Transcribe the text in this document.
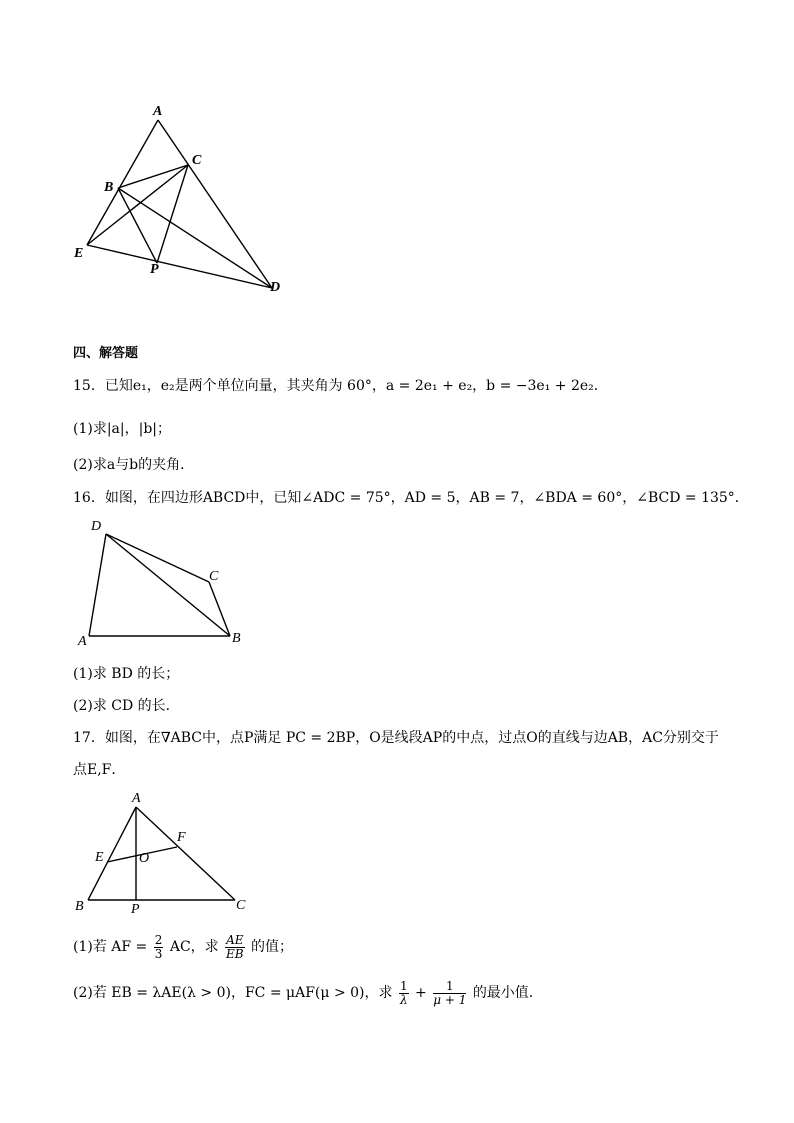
A
B
C
E
P
D
四、解答题
15．已知e₁，e₂是两个单位向量，其夹角为 60°，a = 2e₁ + e₂，b = −3e₁ + 2e₂．
(1)求|a|，|b|；
(2)求a与b的夹角．
16．如图，在四边形ABCD中，已知∠ADC = 75°，AD = 5，AB = 7，∠BDA = 60°，∠BCD = 135°．
D
C
A	B
(1)求 BD 的长；
(2)求 CD 的长．
17．如图，在∇ABC中，点P满足 PC = 2BP，O是线段AP的中点，过点O的直线与边AB，AC分别交于
点E,F．
A
F
E	O
B	P	C
(1)若 AF = $\frac{2}{3}$ AC，求 $\frac{AE}{EB}$ 的值；
(2)若 EB = λAE(λ > 0)，FC = μAF(μ > 0)，求 $\frac{1}{\lambda} + \frac{1}{\mu + 1}$ 的最小值．
